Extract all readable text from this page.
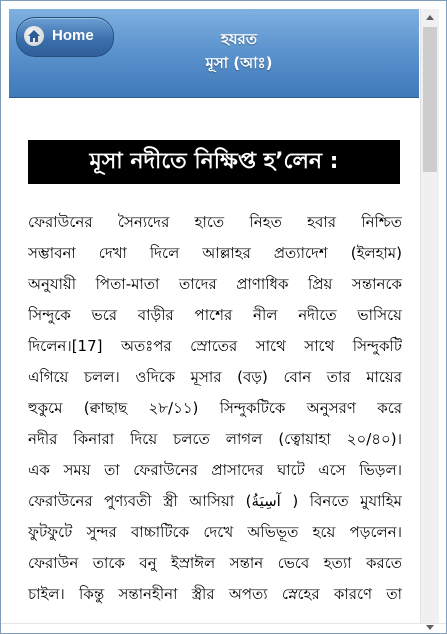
Home	হযরত
মূসা (আঃ)
মূসা নদীতে নিক্ষিপ্ত হ’লেন :
ফেরাউনের সৈন্যদের হাতে নিহত হবার নিশ্চিত
সম্ভাবনা দেখা দিলে আল্লাহর প্রত্যাদেশ (ইলহাম)
অনুযায়ী পিতা-মাতা তাদের প্রাণাধিক প্রিয় সন্তানকে
সিন্দুকে ভরে বাড়ীর পাশের নীল নদীতে ভাসিয়ে
দিলেন।[17] অতঃপর স্রোতের সাথে সাথে সিন্দুকটি
এগিয়ে চলল। ওদিকে মূসার (বড়) বোন তার মায়ের
হুকুমে (ক্বাছাছ ২৮/১১) সিন্দুকটিকে অনুসরণ করে
নদীর কিনারা দিয়ে চলতে লাগল (ত্বোয়াহা ২০/৪০)।
এক সময় তা ফেরাউনের প্রাসাদের ঘাটে এসে ভিড়ল।
ফেরাউনের পুণ্যবতী স্ত্রী আসিয়া (آسِيَةُ ) বিনতে মুযাহিম
ফুটফুটে সুন্দর বাচ্চাটিকে দেখে অভিভূত হয়ে পড়লেন।
ফেরাউন তাকে বনু ইস্রাঈল সন্তান ভেবে হত্যা করতে
চাইল। কিন্তু সন্তানহীনা স্ত্রীর অপত্য স্নেহের কারণে তা
